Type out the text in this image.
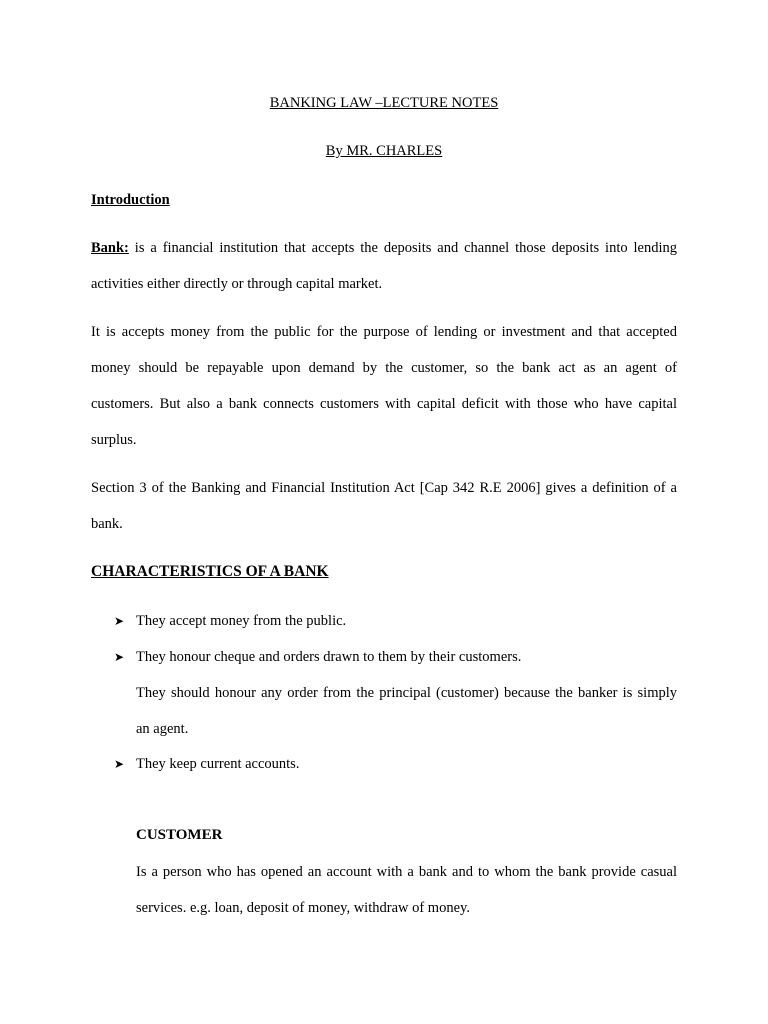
BANKING LAW –LECTURE NOTES
By MR. CHARLES
Introduction
Bank: is a financial institution that accepts the deposits and channel those deposits into lending
activities either directly or through capital market.
It is accepts money from the public for the purpose of lending or investment and that accepted
money should be repayable upon demand by the customer, so the bank act as an agent of
customers. But also a bank connects customers with capital deficit with those who have capital
surplus.
Section 3 of the Banking and Financial Institution Act [Cap 342 R.E 2006] gives a definition of a
bank.
CHARACTERISTICS OF A BANK
➤ They accept money from the public.
➤ They honour cheque and orders drawn to them by their customers.
They should honour any order from the principal (customer) because the banker is simply
an agent.
➤ They keep current accounts.
CUSTOMER
Is a person who has opened an account with a bank and to whom the bank provide casual
services. e.g. loan, deposit of money, withdraw of money.
